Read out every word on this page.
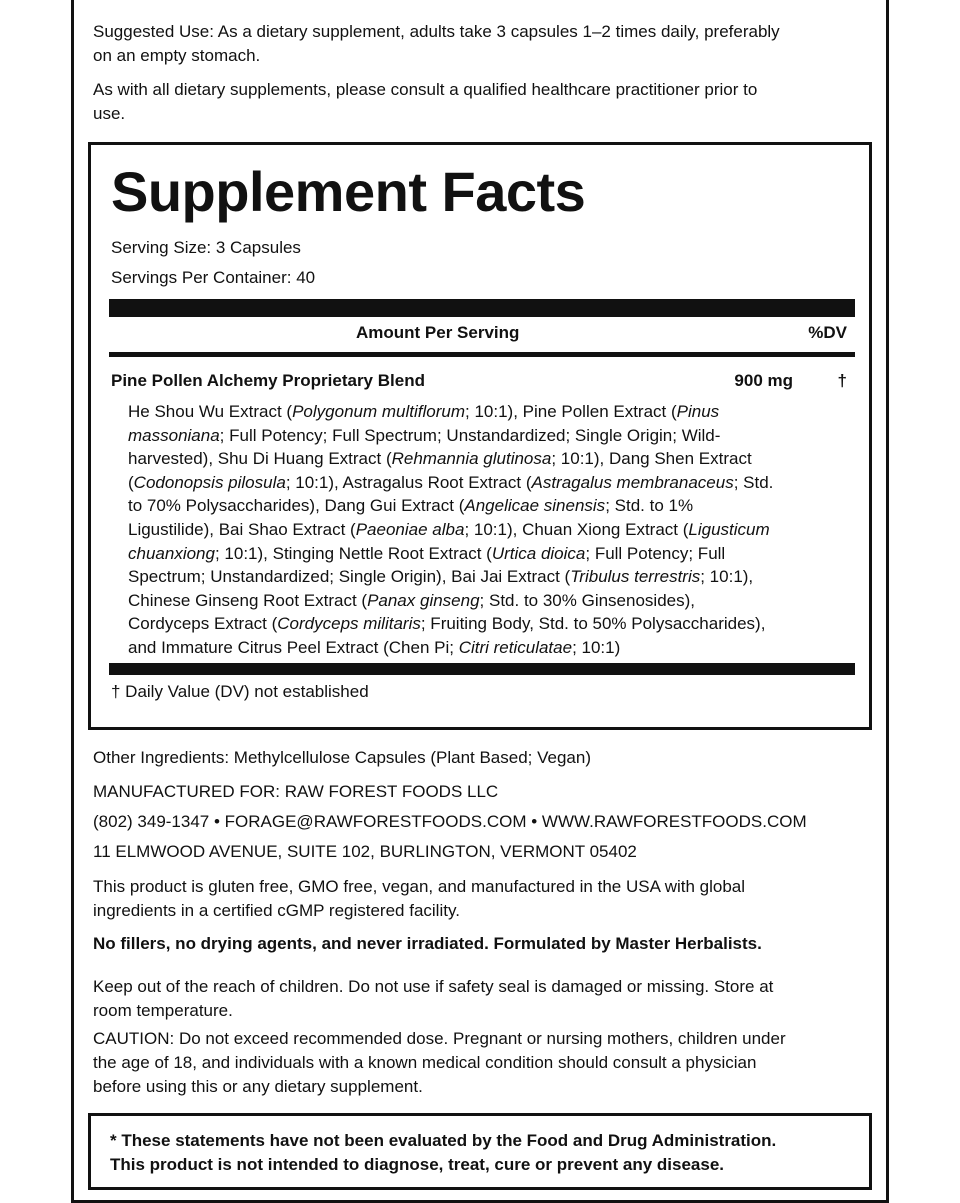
Suggested Use: As a dietary supplement, adults take 3 capsules 1–2 times daily, preferably
on an empty stomach.

As with all dietary supplements, please consult a qualified healthcare practitioner prior to
use.

Supplement Facts
Serving Size: 3 Capsules
Servings Per Container: 40
Amount Per Serving	%DV
Pine Pollen Alchemy Proprietary Blend	900 mg	†
He Shou Wu Extract (Polygonum multiflorum; 10:1), Pine Pollen Extract (Pinus
massoniana; Full Potency; Full Spectrum; Unstandardized; Single Origin; Wild-
harvested), Shu Di Huang Extract (Rehmannia glutinosa; 10:1), Dang Shen Extract
(Codonopsis pilosula; 10:1), Astragalus Root Extract (Astragalus membranaceus; Std.
to 70% Polysaccharides), Dang Gui Extract (Angelicae sinensis; Std. to 1%
Ligustilide), Bai Shao Extract (Paeoniae alba; 10:1), Chuan Xiong Extract (Ligusticum
chuanxiong; 10:1), Stinging Nettle Root Extract (Urtica dioica; Full Potency; Full
Spectrum; Unstandardized; Single Origin), Bai Jai Extract (Tribulus terrestris; 10:1),
Chinese Ginseng Root Extract (Panax ginseng; Std. to 30% Ginsenosides),
Cordyceps Extract (Cordyceps militaris; Fruiting Body, Std. to 50% Polysaccharides),
and Immature Citrus Peel Extract (Chen Pi; Citri reticulatae; 10:1)
† Daily Value (DV) not established

Other Ingredients: Methylcellulose Capsules (Plant Based; Vegan)

MANUFACTURED FOR: RAW FOREST FOODS LLC

(802) 349-1347 • FORAGE@RAWFORESTFOODS.COM • WWW.RAWFORESTFOODS.COM

11 ELMWOOD AVENUE, SUITE 102, BURLINGTON, VERMONT 05402

This product is gluten free, GMO free, vegan, and manufactured in the USA with global
ingredients in a certified cGMP registered facility.

No fillers, no drying agents, and never irradiated. Formulated by Master Herbalists.

Keep out of the reach of children. Do not use if safety seal is damaged or missing. Store at
room temperature.

CAUTION: Do not exceed recommended dose. Pregnant or nursing mothers, children under
the age of 18, and individuals with a known medical condition should consult a physician
before using this or any dietary supplement.

* These statements have not been evaluated by the Food and Drug Administration.
This product is not intended to diagnose, treat, cure or prevent any disease.
